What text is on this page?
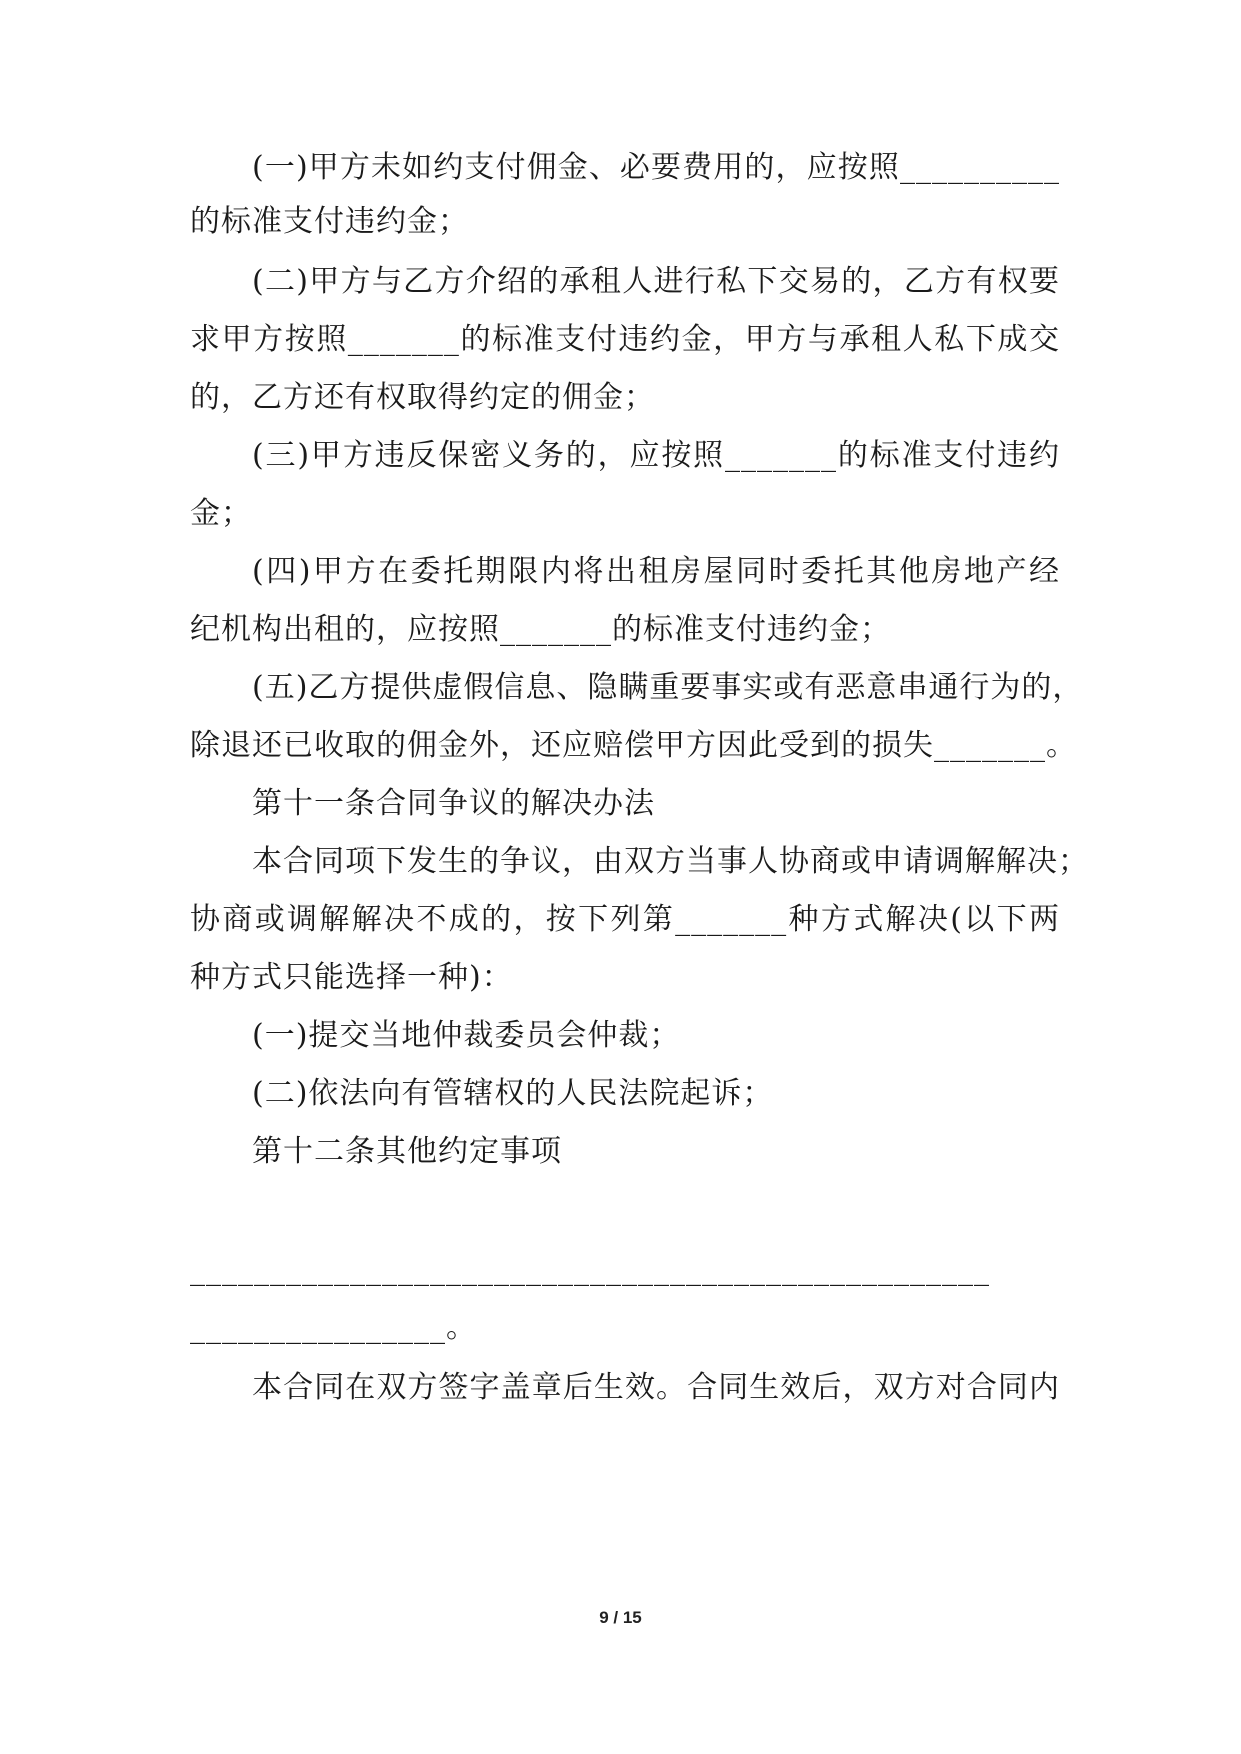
(一)甲方未如约支付佣金、必要费用的，应按照__________
的标准支付违约金；
(二)甲方与乙方介绍的承租人进行私下交易的，乙方有权要
求甲方按照_______的标准支付违约金，甲方与承租人私下成交
的，乙方还有权取得约定的佣金；
(三)甲方违反保密义务的，应按照_______的标准支付违约
金；
(四)甲方在委托期限内将出租房屋同时委托其他房地产经
纪机构出租的，应按照_______的标准支付违约金；
(五)乙方提供虚假信息、隐瞒重要事实或有恶意串通行为的，
除退还已收取的佣金外，还应赔偿甲方因此受到的损失_______。
第十一条合同争议的解决办法
本合同项下发生的争议，由双方当事人协商或申请调解解决；
协商或调解解决不成的，按下列第_______种方式解决(以下两
种方式只能选择一种)：
(一)提交当地仲裁委员会仲裁；
(二)依法向有管辖权的人民法院起诉；
第十二条其他约定事项
__________________________________________________
________________。
本合同在双方签字盖章后生效。合同生效后，双方对合同内
9 / 15
